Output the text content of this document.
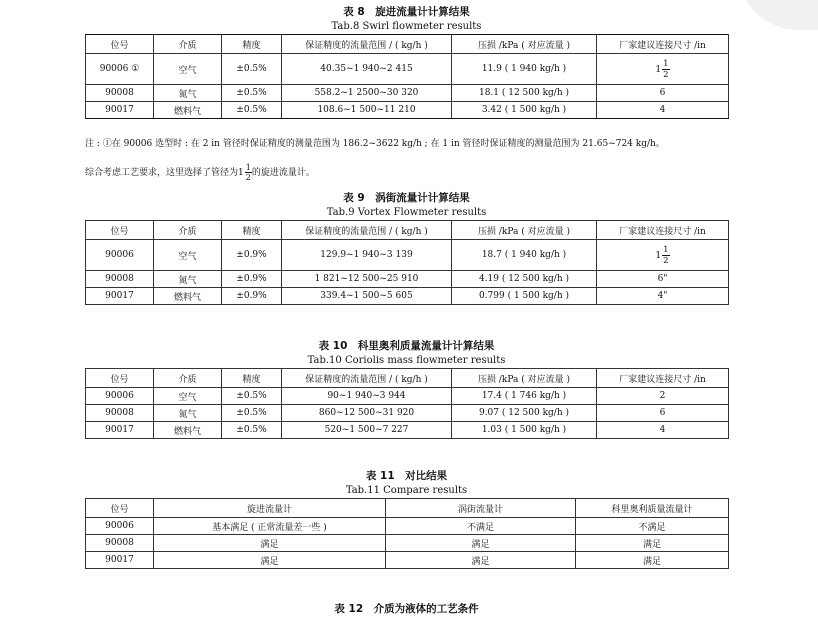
表 8　旋进流量计计算结果
Tab.8 Swirl flowmeter results
位号	介质	精度	保证精度的流量范围 / ( kg/h )	压损 /kPa ( 对应流量 )	厂家建议连接尺寸 /in
90006 ①	空气	±0.5%	40.35~1 940~2 415	11.9 ( 1 940 kg/h )	$1 \frac{1}{2}$

90008	氮气	±0.5%	558.2~1 2500~30 320	18.1 ( 12 500 kg/h )	6
90017	燃料气	±0.5%	108.6~1 500~11 210	3.42 ( 1 500 kg/h )	4
注 : ①在 90006 选型时 : 在 2 in 管径时保证精度的测量范围为 186.2~3622 kg/h ; 在 1 in 管径时保证精度的测量范围为 21.65~724 kg/h。
综合考虑工艺要求，这里选择了管径为$1 \frac{1}{2}$ 的旋进流量计。
表 9　涡街流量计计算结果
Tab.9 Vortex Flowmeter results
位号	介质	精度	保证精度的流量范围 / ( kg/h )	压损 /kPa ( 对应流量 )	厂家建议连接尺寸 /in
90006	空气	±0.9%	129.9~1 940~3 139	18.7 ( 1 940 kg/h )	$1 \frac{1}{2}$

90008	氮气	±0.9%	1 821~12 500~25 910	4.19 ( 12 500 kg/h )	6"
90017	燃料气	±0.9%	339.4~1 500~5 605	0.799 ( 1 500 kg/h )	4"
表 10　科里奥利质量流量计计算结果
Tab.10 Coriolis mass flowmeter results
位号	介质	精度	保证精度的流量范围 / ( kg/h )	压损 /kPa ( 对应流量 )	厂家建议连接尺寸 /in
90006	空气	±0.5%	90~1 940~3 944	17.4 ( 1 746 kg/h )	2
90008	氮气	±0.5%	860~12 500~31 920	9.07 ( 12 500 kg/h )	6
90017	燃料气	±0.5%	520~1 500~7 227	1.03 ( 1 500 kg/h )	4
表 11　对比结果
Tab.11 Compare results
位号	旋进流量计	涡街流量计	科里奥利质量流量计
90006	基本满足 ( 正常流量差一些 )	不满足	不满足
90008	满足	满足	满足
90017	满足	满足	满足
表 12　介质为液体的工艺条件
